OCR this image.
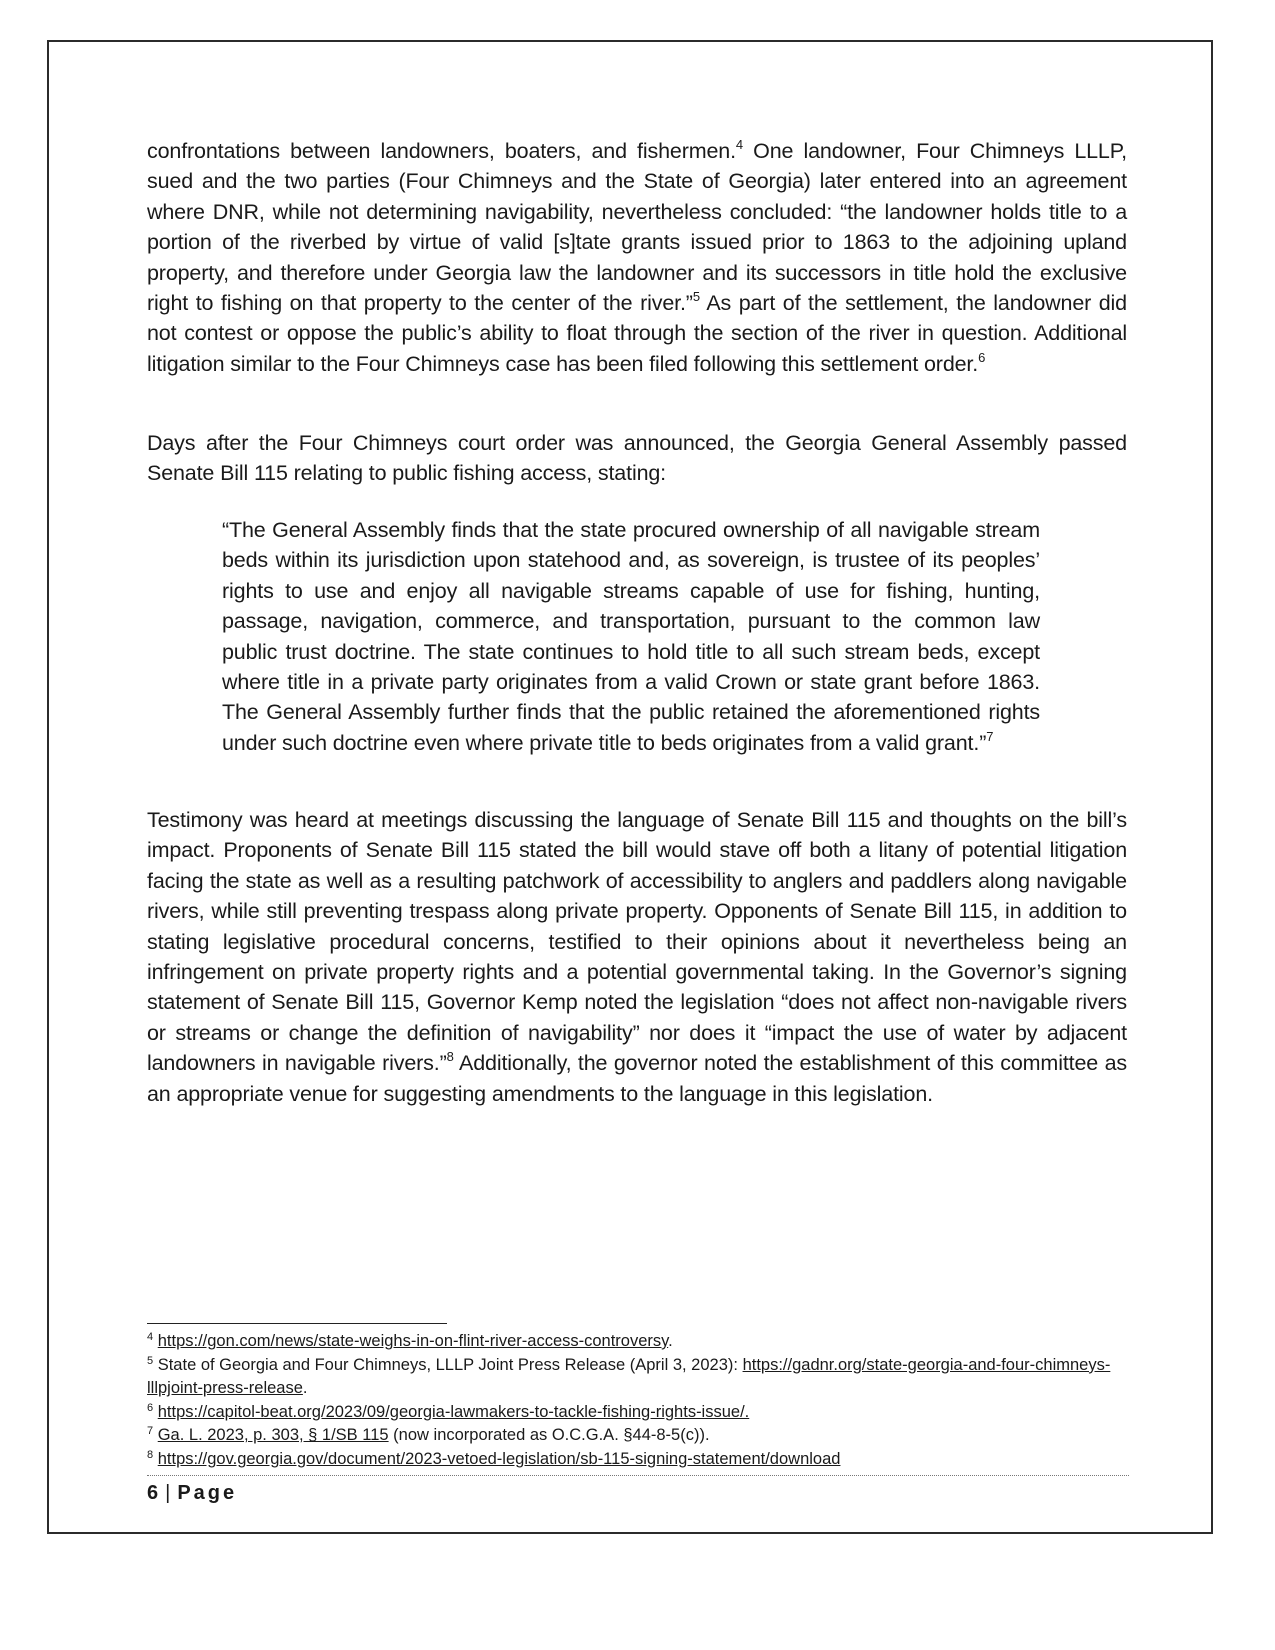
confrontations between landowners, boaters, and fishermen.$^4$ One landowner, Four Chimneys LLLP, sued and the two parties (Four Chimneys and the State of Georgia) later entered into an agreement where DNR, while not determining navigability, nevertheless concluded: “the landowner holds title to a portion of the riverbed by virtue of valid [s]tate grants issued prior to 1863 to the adjoining upland property, and therefore under Georgia law the landowner and its successors in title hold the exclusive right to fishing on that property to the center of the river.”$^5$ As part of the settlement, the landowner did not contest or oppose the public’s ability to float through the section of the river in question. Additional litigation similar to the Four Chimneys case has been filed following this settlement order.$^6$

Days after the Four Chimneys court order was announced, the Georgia General Assembly passed Senate Bill 115 relating to public fishing access, stating:

“The General Assembly finds that the state procured ownership of all navigable stream beds within its jurisdiction upon statehood and, as sovereign, is trustee of its peoples’ rights to use and enjoy all navigable streams capable of use for fishing, hunting, passage, navigation, commerce, and transportation, pursuant to the common law public trust doctrine. The state continues to hold title to all such stream beds, except where title in a private party originates from a valid Crown or state grant before 1863. The General Assembly further finds that the public retained the aforementioned rights under such doctrine even where private title to beds originates from a valid grant.”$^7$

Testimony was heard at meetings discussing the language of Senate Bill 115 and thoughts on the bill’s impact. Proponents of Senate Bill 115 stated the bill would stave off both a litany of potential litigation facing the state as well as a resulting patchwork of accessibility to anglers and paddlers along navigable rivers, while still preventing trespass along private property. Opponents of Senate Bill 115, in addition to stating legislative procedural concerns, testified to their opinions about it nevertheless being an infringement on private property rights and a potential governmental taking. In the Governor’s signing statement of Senate Bill 115, Governor Kemp noted the legislation “does not affect non-navigable rivers or streams or change the definition of navigability” nor does it “impact the use of water by adjacent landowners in navigable rivers.”$^8$ Additionally, the governor noted the establishment of this committee as an appropriate venue for suggesting amendments to the language in this legislation.

$^4$ https://gon.com/news/state-weighs-in-on-flint-river-access-controversy.

$^5$ State of Georgia and Four Chimneys, LLLP Joint Press Release (April 3, 2023): https://gadnr.org/state-georgia-and-four-chimneys-lllpjoint-press-release.

$^6$ https://capitol-beat.org/2023/09/georgia-lawmakers-to-tackle-fishing-rights-issue/.

$^7$ Ga. L. 2023, p. 303, § 1/SB 115 (now incorporated as O.C.G.A. §44-8-5(c)).

$^8$ https://gov.georgia.gov/document/2023-vetoed-legislation/sb-115-signing-statement/download

6 | Page
